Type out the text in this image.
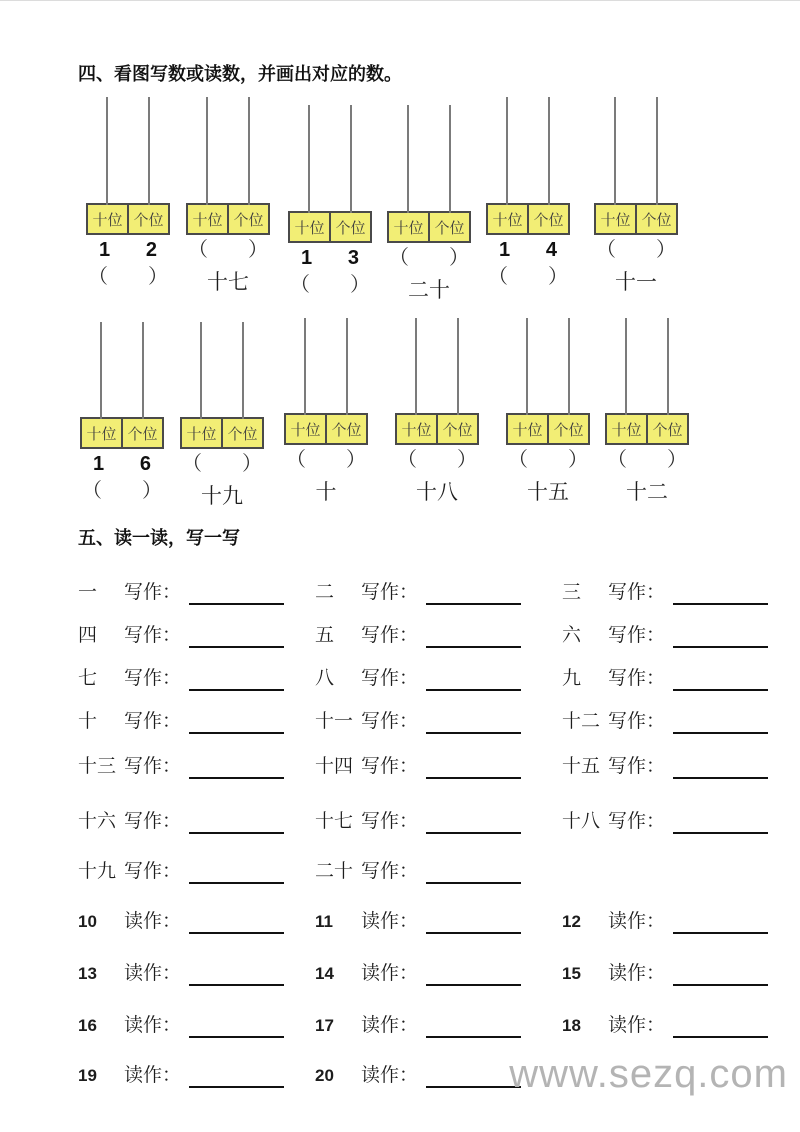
四、看图写数或读数，并画出对应的数。
十位 个位
1 2
（ ）
十位 个位
（ ）
十七
十位 个位
1 3
（ ）
十位 个位
（ ）
二十
十位 个位
1 4
（ ）
十位 个位
（ ）
十一
十位 个位
1 6
（ ）
十位 个位
（ ）
十九
十位 个位
（ ）
十
十位 个位
（ ）
十八
十位 个位
（ ）
十五
十位 个位
（ ）
十二
五、读一读，写一写
一	写作：	二	写作：	三	写作：
四	写作：	五	写作：	六	写作：
七	写作：	八	写作：	九	写作：
十	写作：	十一 写作：	十二 写作：
十三 写作：	十四 写作：	十五 写作：
十六 写作：	十七 写作：	十八 写作：
十九 写作：	二十 写作：
10	读作：	11	读作：	12	读作：
13	读作：	14	读作：	15	读作：
16	读作：	17	读作：	18	读作：
19	读作：	20	读作： www.sezq.com
